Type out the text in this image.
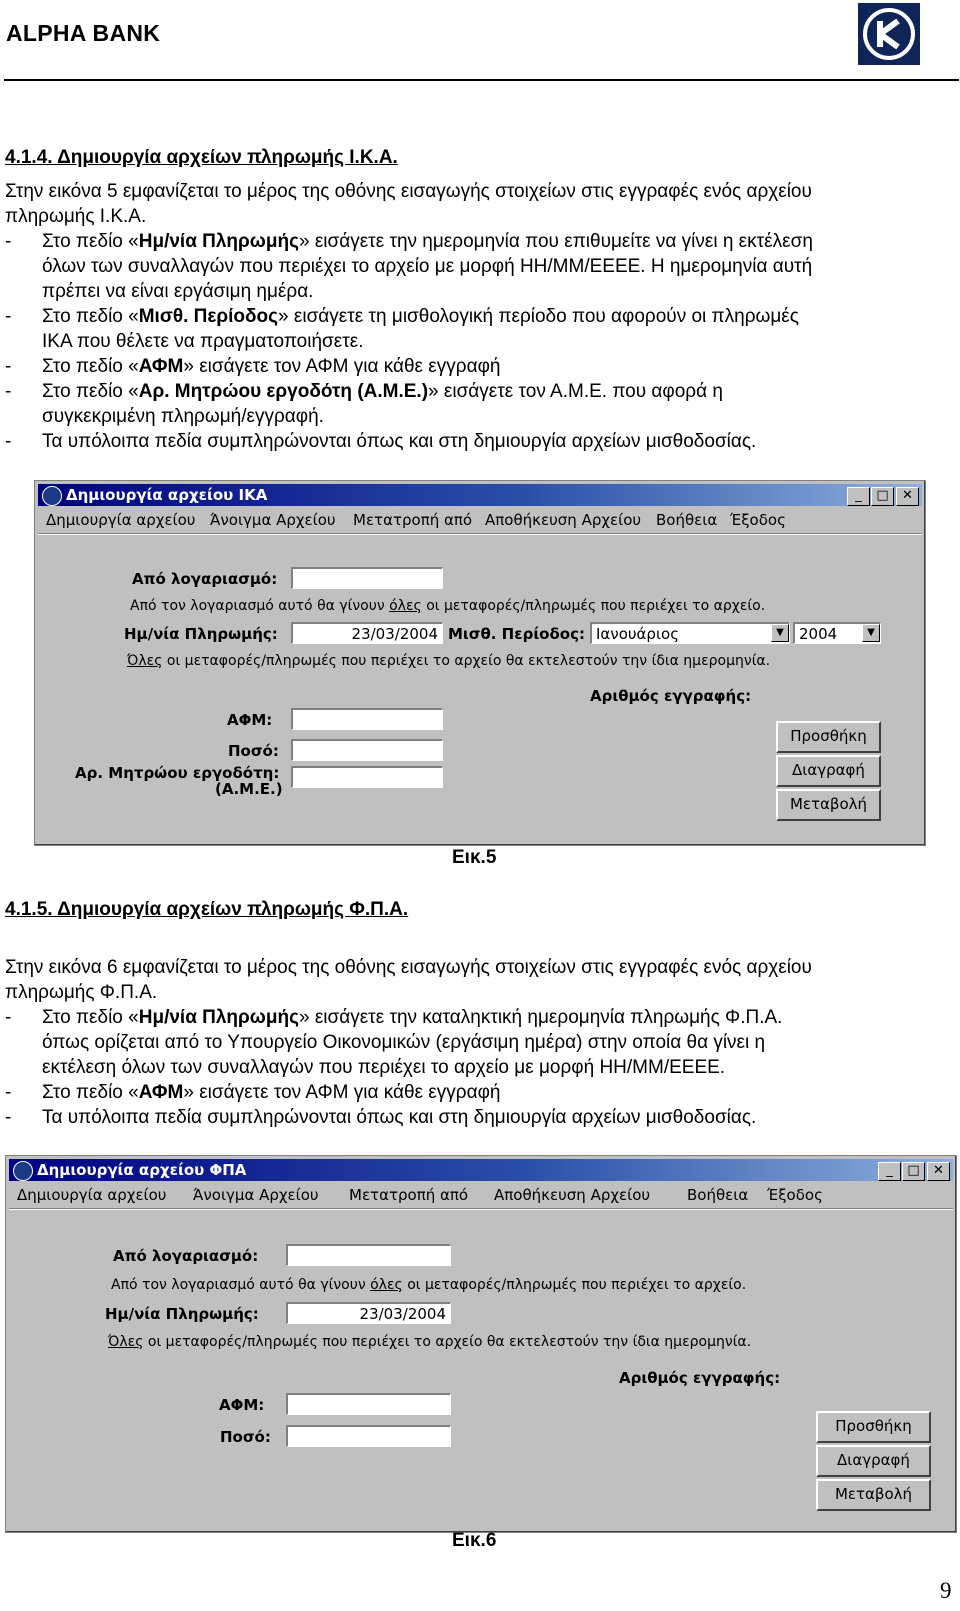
ALPHA BANK
4.1.4. Δημιουργία αρχείων πληρωμής Ι.Κ.Α.
Στην εικόνα 5 εμφανίζεται το μέρος της οθόνης εισαγωγής στοιχείων στις εγγραφές ενός αρχείου
πληρωμής Ι.Κ.Α.
- Στο πεδίο «Ημ/νία Πληρωμής» εισάγετε την ημερομηνία που επιθυμείτε να γίνει η εκτέλεση
όλων των συναλλαγών που περιέχει το αρχείο με μορφή ΗΗ/ΜΜ/ΕΕΕΕ. Η ημερομηνία αυτή
πρέπει να είναι εργάσιμη ημέρα.
- Στο πεδίο «Μισθ. Περίοδος» εισάγετε τη μισθολογική περίοδο που αφορούν οι πληρωμές
ΙΚΑ που θέλετε να πραγματοποιήσετε.
- Στο πεδίο «ΑΦΜ» εισάγετε τον ΑΦΜ για κάθε εγγραφή
- Στο πεδίο «Αρ. Μητρώου εργοδότη (Α.Μ.Ε.)» εισάγετε τον Α.Μ.Ε. που αφορά η
συγκεκριμένη πληρωμή/εγγραφή.
- Τα υπόλοιπα πεδία συμπληρώνονται όπως και στη δημιουργία αρχείων μισθοδοσίας.
Δημιουργία αρχείου ΙΚΑ	_	□	✕
Δημιουργία αρχείου Άνοιγμα Αρχείου Μετατροπή από Αποθήκευση Αρχείου Βοήθεια Έξοδος
Από λογαριασμό:
Από τον λογαριασμό αυτό θα γίνουν όλες οι μεταφορές/πληρωμές που περιέχει το αρχείο.
Ημ/νία Πληρωμής:	23/03/2004 Μισθ. Περίοδος: Ιανουάριος	▼	2004	▼
Όλες οι μεταφορές/πληρωμές που περιέχει το αρχείο θα εκτελεστούν την ίδια ημερομηνία.
Αριθμός εγγραφής:
ΑΦΜ:
Ποσό:
Αρ. Μητρώου εργοδότη:
(Α.Μ.Ε.)
Προσθήκη
Διαγραφή
Μεταβολή
Εικ.5
4.1.5. Δημιουργία αρχείων πληρωμής Φ.Π.Α.
Στην εικόνα 6 εμφανίζεται το μέρος της οθόνης εισαγωγής στοιχείων στις εγγραφές ενός αρχείου
πληρωμής Φ.Π.Α.
- Στο πεδίο «Ημ/νία Πληρωμής» εισάγετε την καταληκτική ημερομηνία πληρωμής Φ.Π.Α.
όπως ορίζεται από το Υπουργείο Οικονομικών (εργάσιμη ημέρα) στην οποία θα γίνει η
εκτέλεση όλων των συναλλαγών που περιέχει το αρχείο με μορφή ΗΗ/ΜΜ/ΕΕΕΕ.
- Στο πεδίο «ΑΦΜ» εισάγετε τον ΑΦΜ για κάθε εγγραφή
- Τα υπόλοιπα πεδία συμπληρώνονται όπως και στη δημιουργία αρχείων μισθοδοσίας.
Δημιουργία αρχείου ΦΠΑ	_	□	✕
Δημιουργία αρχείου Άνοιγμα Αρχείου Μετατροπή από Αποθήκευση Αρχείου Βοήθεια Έξοδος
Από λογαριασμό:
Από τον λογαριασμό αυτό θα γίνουν όλες οι μεταφορές/πληρωμές που περιέχει το αρχείο.
Ημ/νία Πληρωμής:	23/03/2004
Όλες οι μεταφορές/πληρωμές που περιέχει το αρχείο θα εκτελεστούν την ίδια ημερομηνία.
Αριθμός εγγραφής:
ΑΦΜ:
Ποσό:
Προσθήκη
Διαγραφή
Μεταβολή
Εικ.6
9
